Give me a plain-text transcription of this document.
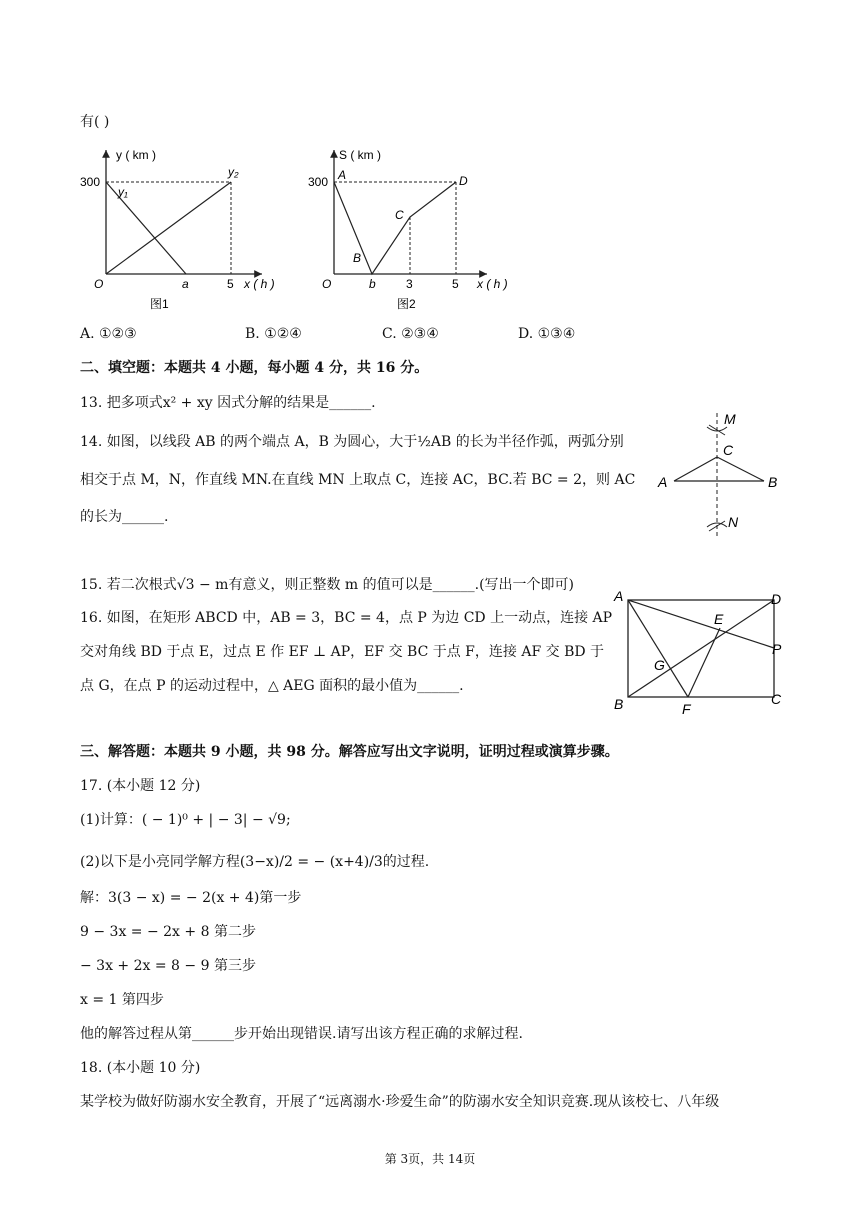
有( )
y ( km )
300
y₁
y₂
O	a	5 x ( h )
图1
S ( km )
300 A	D
C
B
O	b	3	5 x ( h )
图2
A. ①②③	B. ①②④	C. ②③④	D. ①③④
二、填空题：本题共 4 小题，每小题 4 分，共 16 分。
13. 把多项式x² + xy 因式分解的结果是______.
14. 如图，以线段 AB 的两个端点 A，B 为圆心，大于½AB 的长为半径作弧，两弧分别
相交于点 M，N，作直线 MN.在直线 MN 上取点 C，连接 AC，BC.若 BC = 2，则 AC
的长为______.
M
C
A	B
N
15. 若二次根式√3 − m有意义，则正整数 m 的值可以是______.(写出一个即可)
16. 如图，在矩形 ABCD 中，AB = 3，BC = 4，点 P 为边 CD 上一动点，连接 AP
交对角线 BD 于点 E，过点 E 作 EF ⊥ AP，EF 交 BC 于点 F，连接 AF 交 BD 于
点 G，在点 P 的运动过程中，△ AEG 面积的最小值为______.
A	D
E
P
G
B	F
C
三、解答题：本题共 9 小题，共 98 分。解答应写出文字说明，证明过程或演算步骤。
17. (本小题 12 分)
(1)计算：( − 1)⁰ + | − 3| − √9;
(2)以下是小亮同学解方程(3−x)/2 = − (x+4)/3的过程.
解：3(3 − x) = − 2(x + 4)第一步
9 − 3x = − 2x + 8 第二步
− 3x + 2x = 8 − 9 第三步
x = 1 第四步
他的解答过程从第______步开始出现错误.请写出该方程正确的求解过程.
18. (本小题 10 分)
某学校为做好防溺水安全教育，开展了“远离溺水·珍爱生命”的防溺水安全知识竞赛.现从该校七、八年级
第 3页，共 14页
